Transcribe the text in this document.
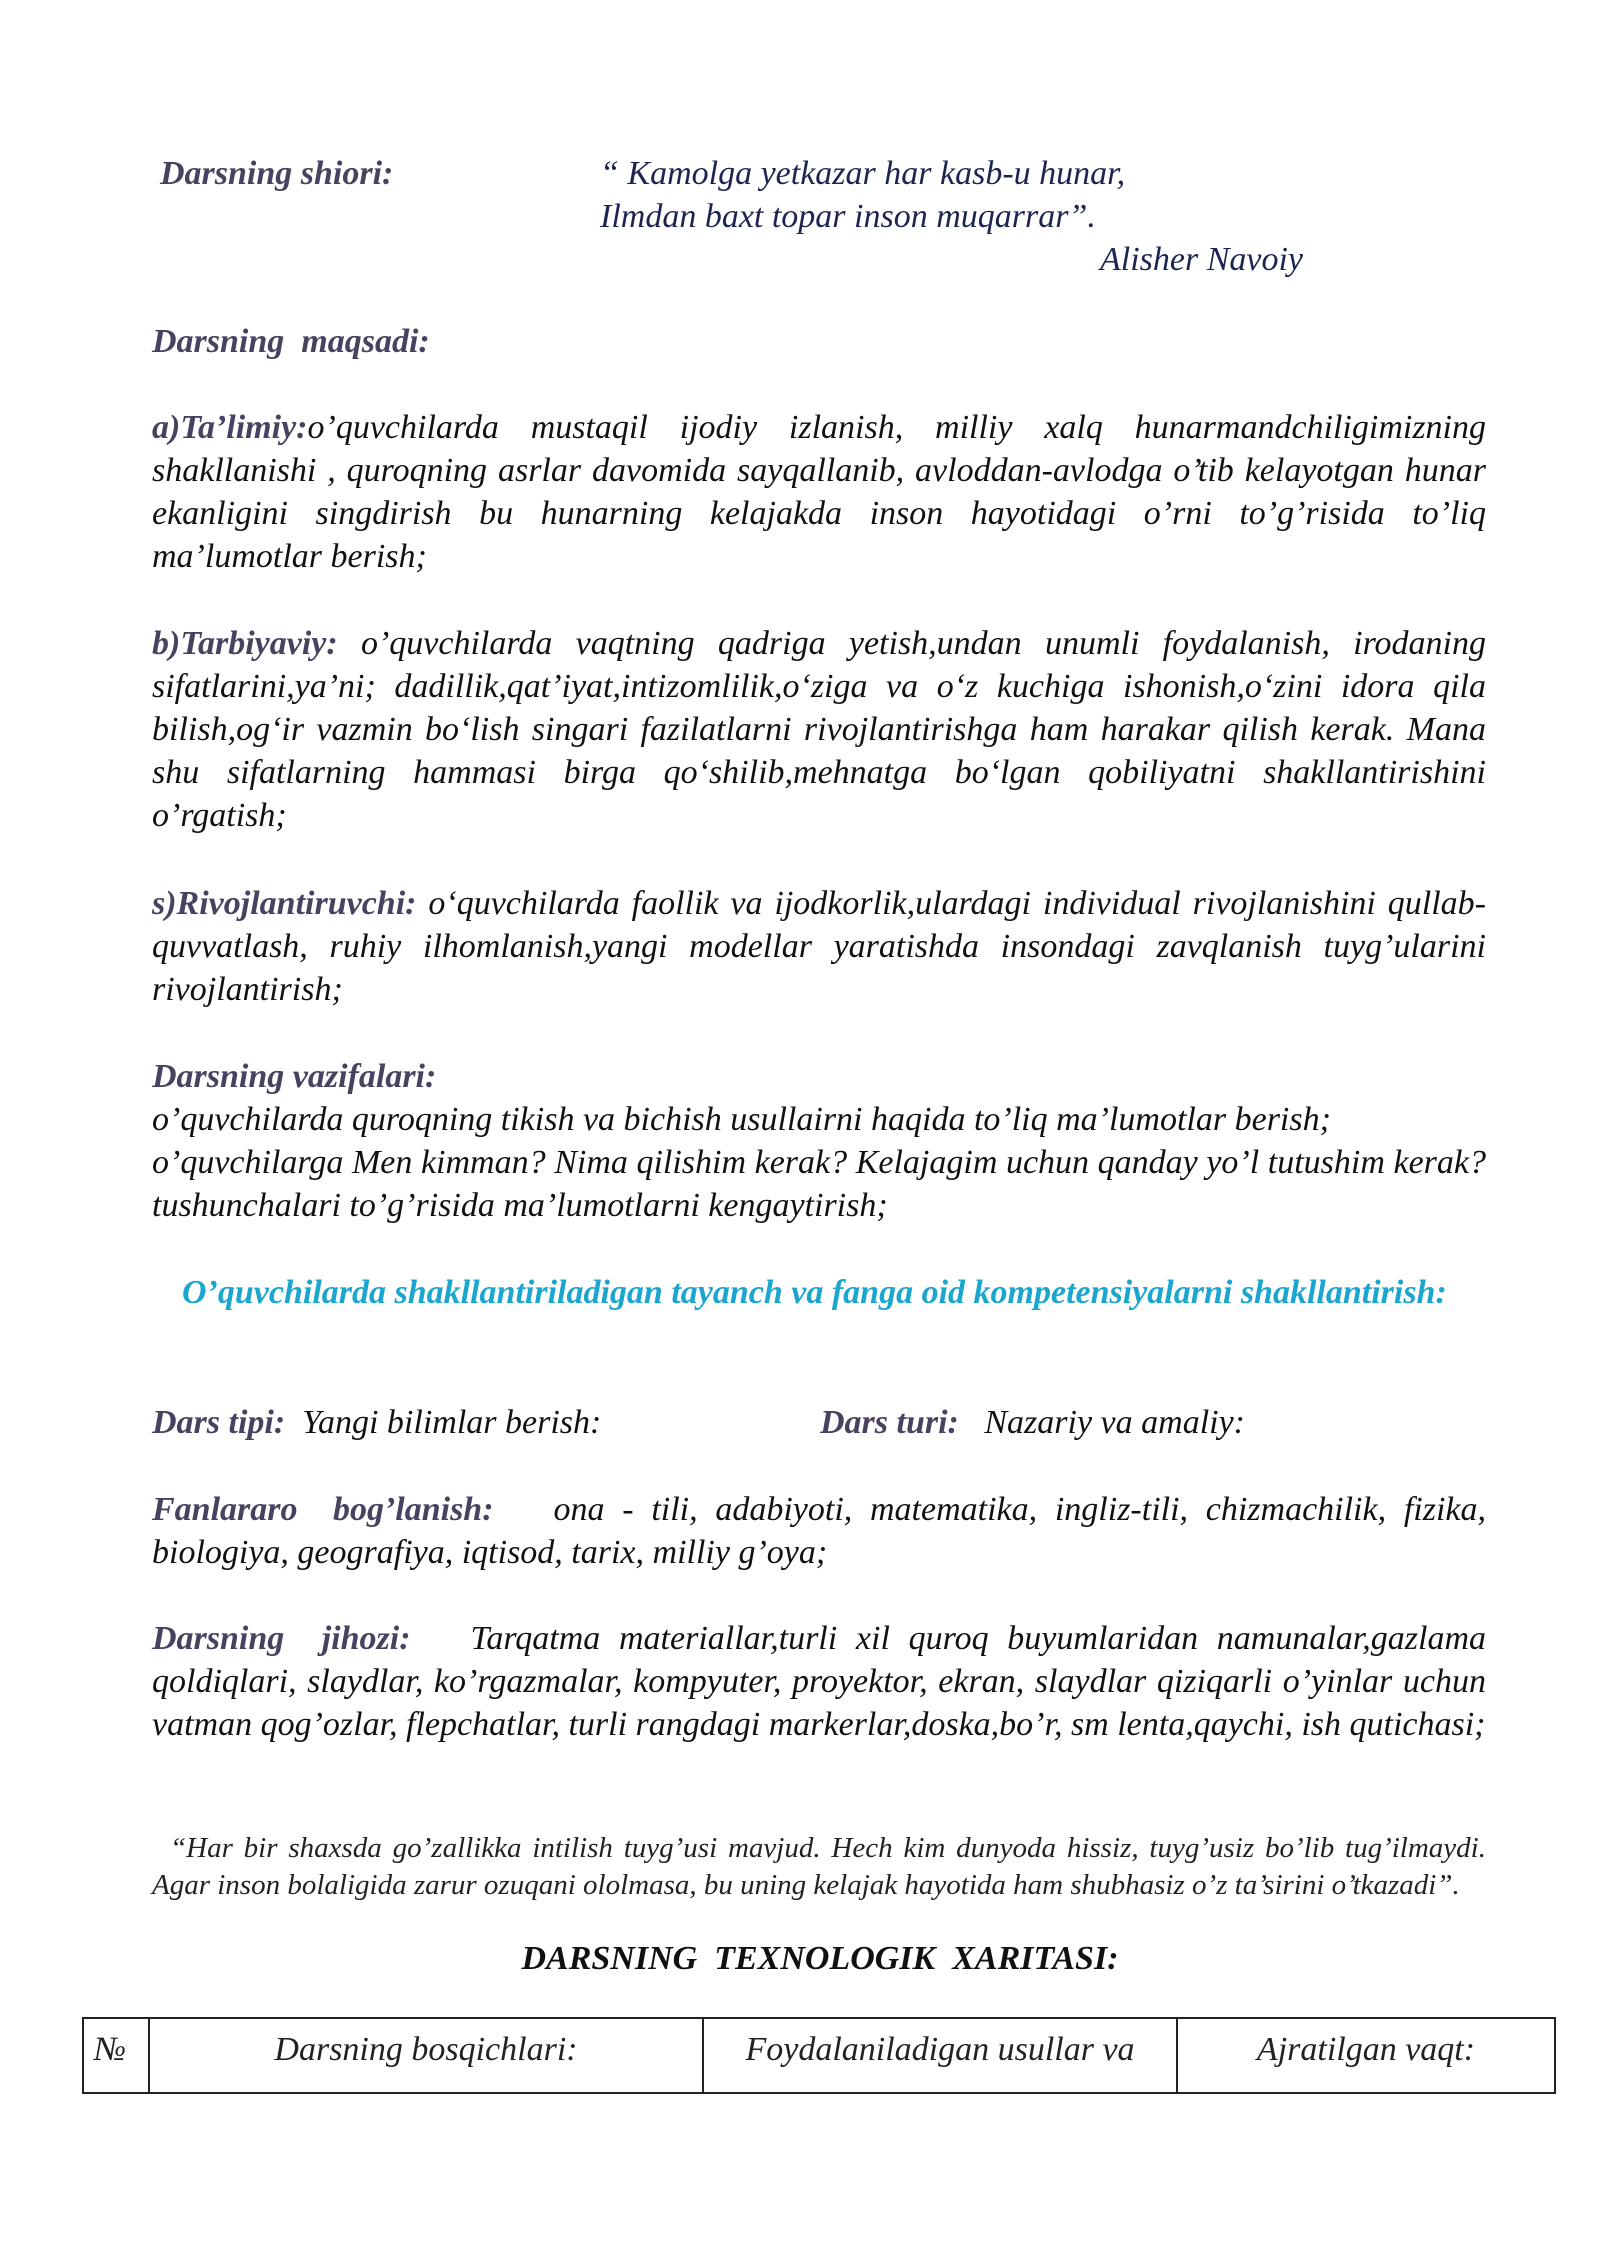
Darsning shiori:	“ Kamolga yetkazar har kasb-u hunar,
Ilmdan baxt topar inson muqarrar”.
Alisher Navoiy
Darsning  maqsadi:
a)Ta’limiy:o’quvchilarda mustaqil ijodiy izlanish, milliy xalq hunarmandchiligimizning shakllanishi , quroqning asrlar davomida sayqallanib, avloddan-avlodga o’tib kelayotgan hunar ekanligini singdirish bu hunarning kelajakda inson hayotidagi o’rni to’g’risida to’liq ma’lumotlar berish;
b)Tarbiyaviy: o’quvchilarda vaqtning qadriga yetish,undan unumli foydalanish, irodaning sifatlarini,ya’ni; dadillik,qat’iyat,intizomlilik,o‘ziga va o‘z kuchiga ishonish,o‘zini idora qila bilish,og‘ir vazmin bo‘lish singari fazilatlarni rivojlantirishga ham harakar qilish kerak. Mana shu sifatlarning hammasi birga qo‘shilib,mehnatga bo‘lgan qobiliyatni shakllantirishini o’rgatish;
s)Rivojlantiruvchi: o‘quvchilarda faollik va ijodkorlik,ulardagi individual rivojlanishini qullab-quvvatlash, ruhiy ilhomlanish,yangi modellar yaratishda insondagi zavqlanish tuyg’ularini rivojlantirish;
Darsning vazifalari:
o’quvchilarda quroqning tikish va bichish usullairni haqida to’liq ma’lumotlar berish;
o’quvchilarga Men kimman? Nima qilishim kerak? Kelajagim uchun qanday yo’l tutushim kerak? tushunchalari to’g’risida ma’lumotlarni kengaytirish;
O’quvchilarda shakllantiriladigan tayanch va fanga oid kompetensiyalarni shakllantirish:
Dars tipi: Yangi bilimlar berish:	Dars turi: Nazariy va amaliy:
Fanlararo  bog’lanish: ona - tili, adabiyoti, matematika, ingliz-tili, chizmachilik, fizika, biologiya, geografiya, iqtisod, tarix, milliy g’oya;
Darsning  jihozi: Tarqatma materiallar,turli xil quroq buyumlaridan namunalar,gazlama qoldiqlari, slaydlar, ko’rgazmalar, kompyuter, proyektor, ekran, slaydlar qiziqarli o’yinlar uchun vatman qog’ozlar, flepchatlar, turli rangdagi markerlar,doska,bo’r, sm lenta,qaychi, ish qutichasi;
“Har bir shaxsda go’zallikka intilish tuyg’usi mavjud. Hech kim dunyoda hissiz, tuyg’usiz bo’lib tug’ilmaydi. Agar inson bolaligida zarur ozuqani ololmasa, bu uning kelajak hayotida ham shubhasiz o’z ta’sirini o’tkazadi”.
DARSNING  TEXNOLOGIK  XARITASI:
№	Darsning bosqichlari:	Foydalaniladigan usullar va	Ajratilgan vaqt:
